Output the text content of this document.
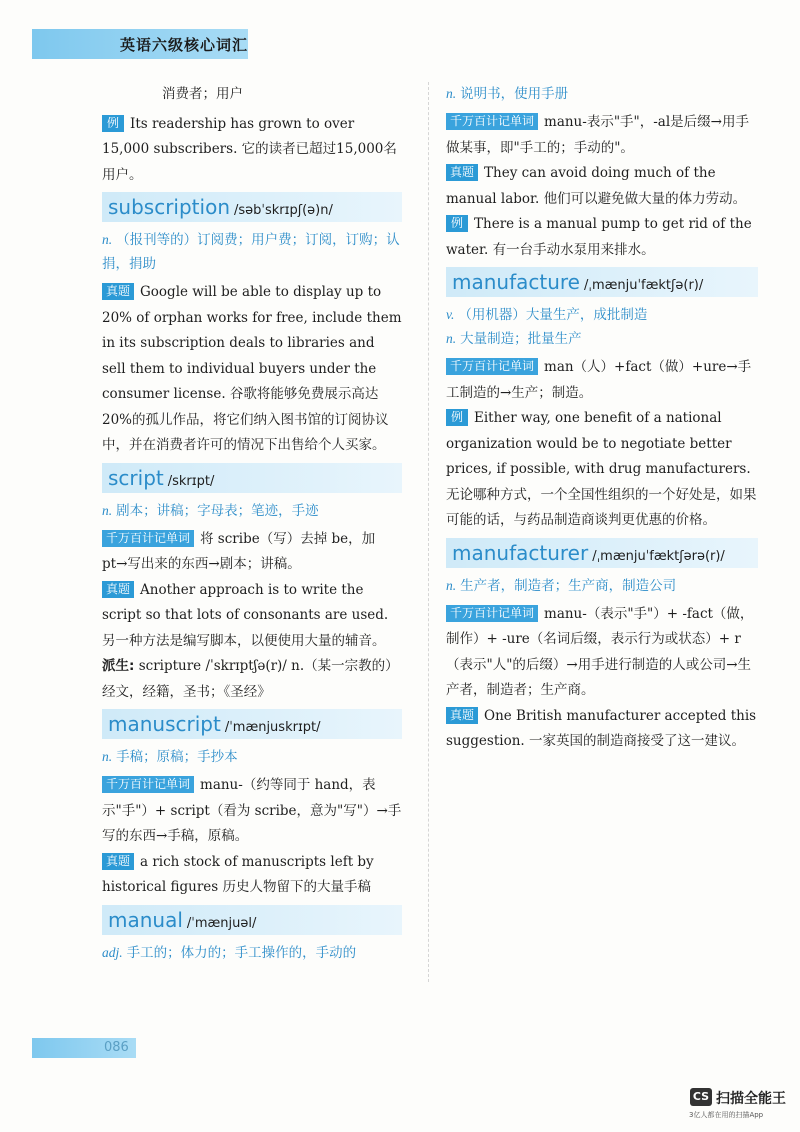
英语六级核心词汇

消费者；用户

例 Its readership has grown to over 15,000 subscribers. 它的读者已超过15,000名用户。

subscription /səbˈskrɪpʃ(ə)n/

n. （报刊等的）订阅费；用户费；订阅，订购；认捐，捐助

真题 Google will be able to display up to 20% of orphan works for free, include them in its subscription deals to libraries and sell them to individual buyers under the consumer license. 谷歌将能够免费展示高达20%的孤儿作品，将它们纳入图书馆的订阅协议中，并在消费者许可的情况下出售给个人买家。

script /skrɪpt/

n. 剧本；讲稿；字母表；笔迹，手迹

千万百计记单词 将 scribe（写）去掉 be，加 pt→写出来的东西→剧本；讲稿。

真题 Another approach is to write the script so that lots of consonants are used. 另一种方法是编写脚本，以便使用大量的辅音。

派生: scripture /ˈskrɪptʃə(r)/ n.（某一宗教的）经文，经籍，圣书；《圣经》

manuscript /ˈmænjuskrɪpt/

n. 手稿；原稿；手抄本

千万百计记单词 manu-（约等同于 hand，表示"手"）+ script（看为 scribe，意为"写"）→手写的东西→手稿，原稿。

真题 a rich stock of manuscripts left by historical figures 历史人物留下的大量手稿

manual /ˈmænjuəl/

adj. 手工的；体力的；手工操作的，手动的

n. 说明书，使用手册

千万百计记单词 manu-表示"手"，-al是后缀→用手做某事，即"手工的；手动的"。

真题 They can avoid doing much of the manual labor. 他们可以避免做大量的体力劳动。

例 There is a manual pump to get rid of the water. 有一台手动水泵用来排水。

manufacture /ˌmænjuˈfæktʃə(r)/

v. （用机器）大量生产，成批制造

n. 大量制造；批量生产

千万百计记单词 man（人）+fact（做）+ure→手工制造的→生产；制造。

例 Either way, one benefit of a national organization would be to negotiate better prices, if possible, with drug manufacturers. 无论哪种方式，一个全国性组织的一个好处是，如果可能的话，与药品制造商谈判更优惠的价格。

manufacturer /ˌmænjuˈfæktʃərə(r)/

n. 生产者，制造者；生产商，制造公司

千万百计记单词 manu-（表示"手"）+ -fact（做，制作）+ -ure（名词后缀，表示行为或状态）+ r（表示"人"的后缀）→用手进行制造的人或公司→生产者，制造者；生产商。

真题 One British manufacturer accepted this suggestion. 一家英国的制造商接受了这一建议。

086
CS 扫描全能王
3亿人都在用的扫描App
